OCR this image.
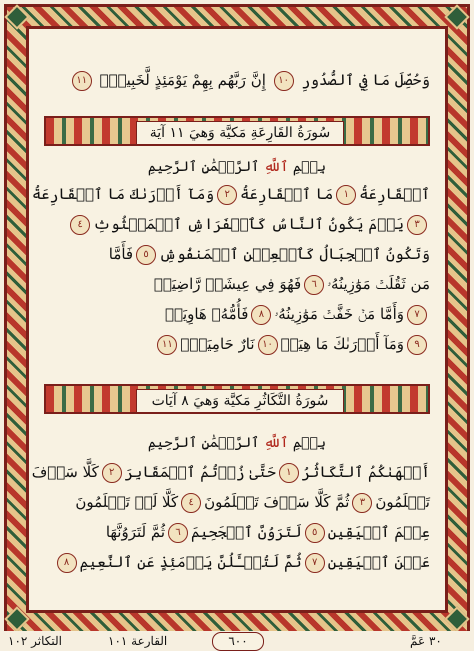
وَحُصِّلَ مَا فِي ٱلصُّدُورِ ١٠ إِنَّ رَبَّهُم بِهِمْ يَوْمَئِذٍ لَّخَبِيرٌۢ ١١
سُورَةُ القَارِعَةِ مَكيَّة وَهيَ ١١ آيَة
بِسۡمِ ٱللَّهِ ٱلرَّحۡمَٰنِ ٱلرَّحِيمِ
ٱلۡقَارِعَةُ١مَا ٱلۡقَارِعَةُ٢وَمَآ أَدۡرَىٰكَ مَا ٱلۡقَارِعَةُ
٣يَوۡمَ يَكُونُ ٱلنَّاسُ كَٱلۡفَرَاشِ ٱلۡمَبۡثُوثِ٤
وَتَكُونُ ٱلۡجِبَالُ كَٱلۡعِهۡنِ ٱلۡمَنفُوشِ٥فَأَمَّا
مَن ثَقُلَتۡ مَوَٰزِينُهُۥ٦فَهُوَ فِي عِيشَةٖ رَّاضِيَةٖ
٧وَأَمَّا مَنۡ خَفَّتۡ مَوَٰزِينُهُۥ٨فَأُمُّهُۥ هَاوِيَةٞ
٩وَمَآ أَدۡرَىٰكَ مَا هِيَهۡ١٠نَارٌ حَامِيَةُۢ١١
سُورَةُ التَّكَاثُرِ مَكيَّة وَهيَ ٨ آيَات
بِسۡمِ ٱللَّهِ ٱلرَّحۡمَٰنِ ٱلرَّحِيمِ
أَلۡهَىٰكُمُ ٱلتَّكَاثُرُ١حَتَّىٰ زُرۡتُمُ ٱلۡمَقَابِرَ٢كَلَّا سَوۡفَ
تَعۡلَمُونَ٣ثُمَّ كَلَّا سَوۡفَ تَعۡلَمُونَ٤كَلَّا لَوۡ تَعۡلَمُونَ
عِلۡمَ ٱلۡيَقِينِ٥لَتَرَوُنَّ ٱلۡجَحِيمَ٦ثُمَّ لَتَرَوُنَّهَا
عَيۡنَ ٱلۡيَقِينِ٧ثُمَّ لَتُسۡـَٔلُنَّ يَوۡمَئِذٍ عَنِ ٱلنَّعِيمِ٨
التكاثر ١٠٢	القارعة ١٠١	٦٠٠	٣٠ عَمَّ
